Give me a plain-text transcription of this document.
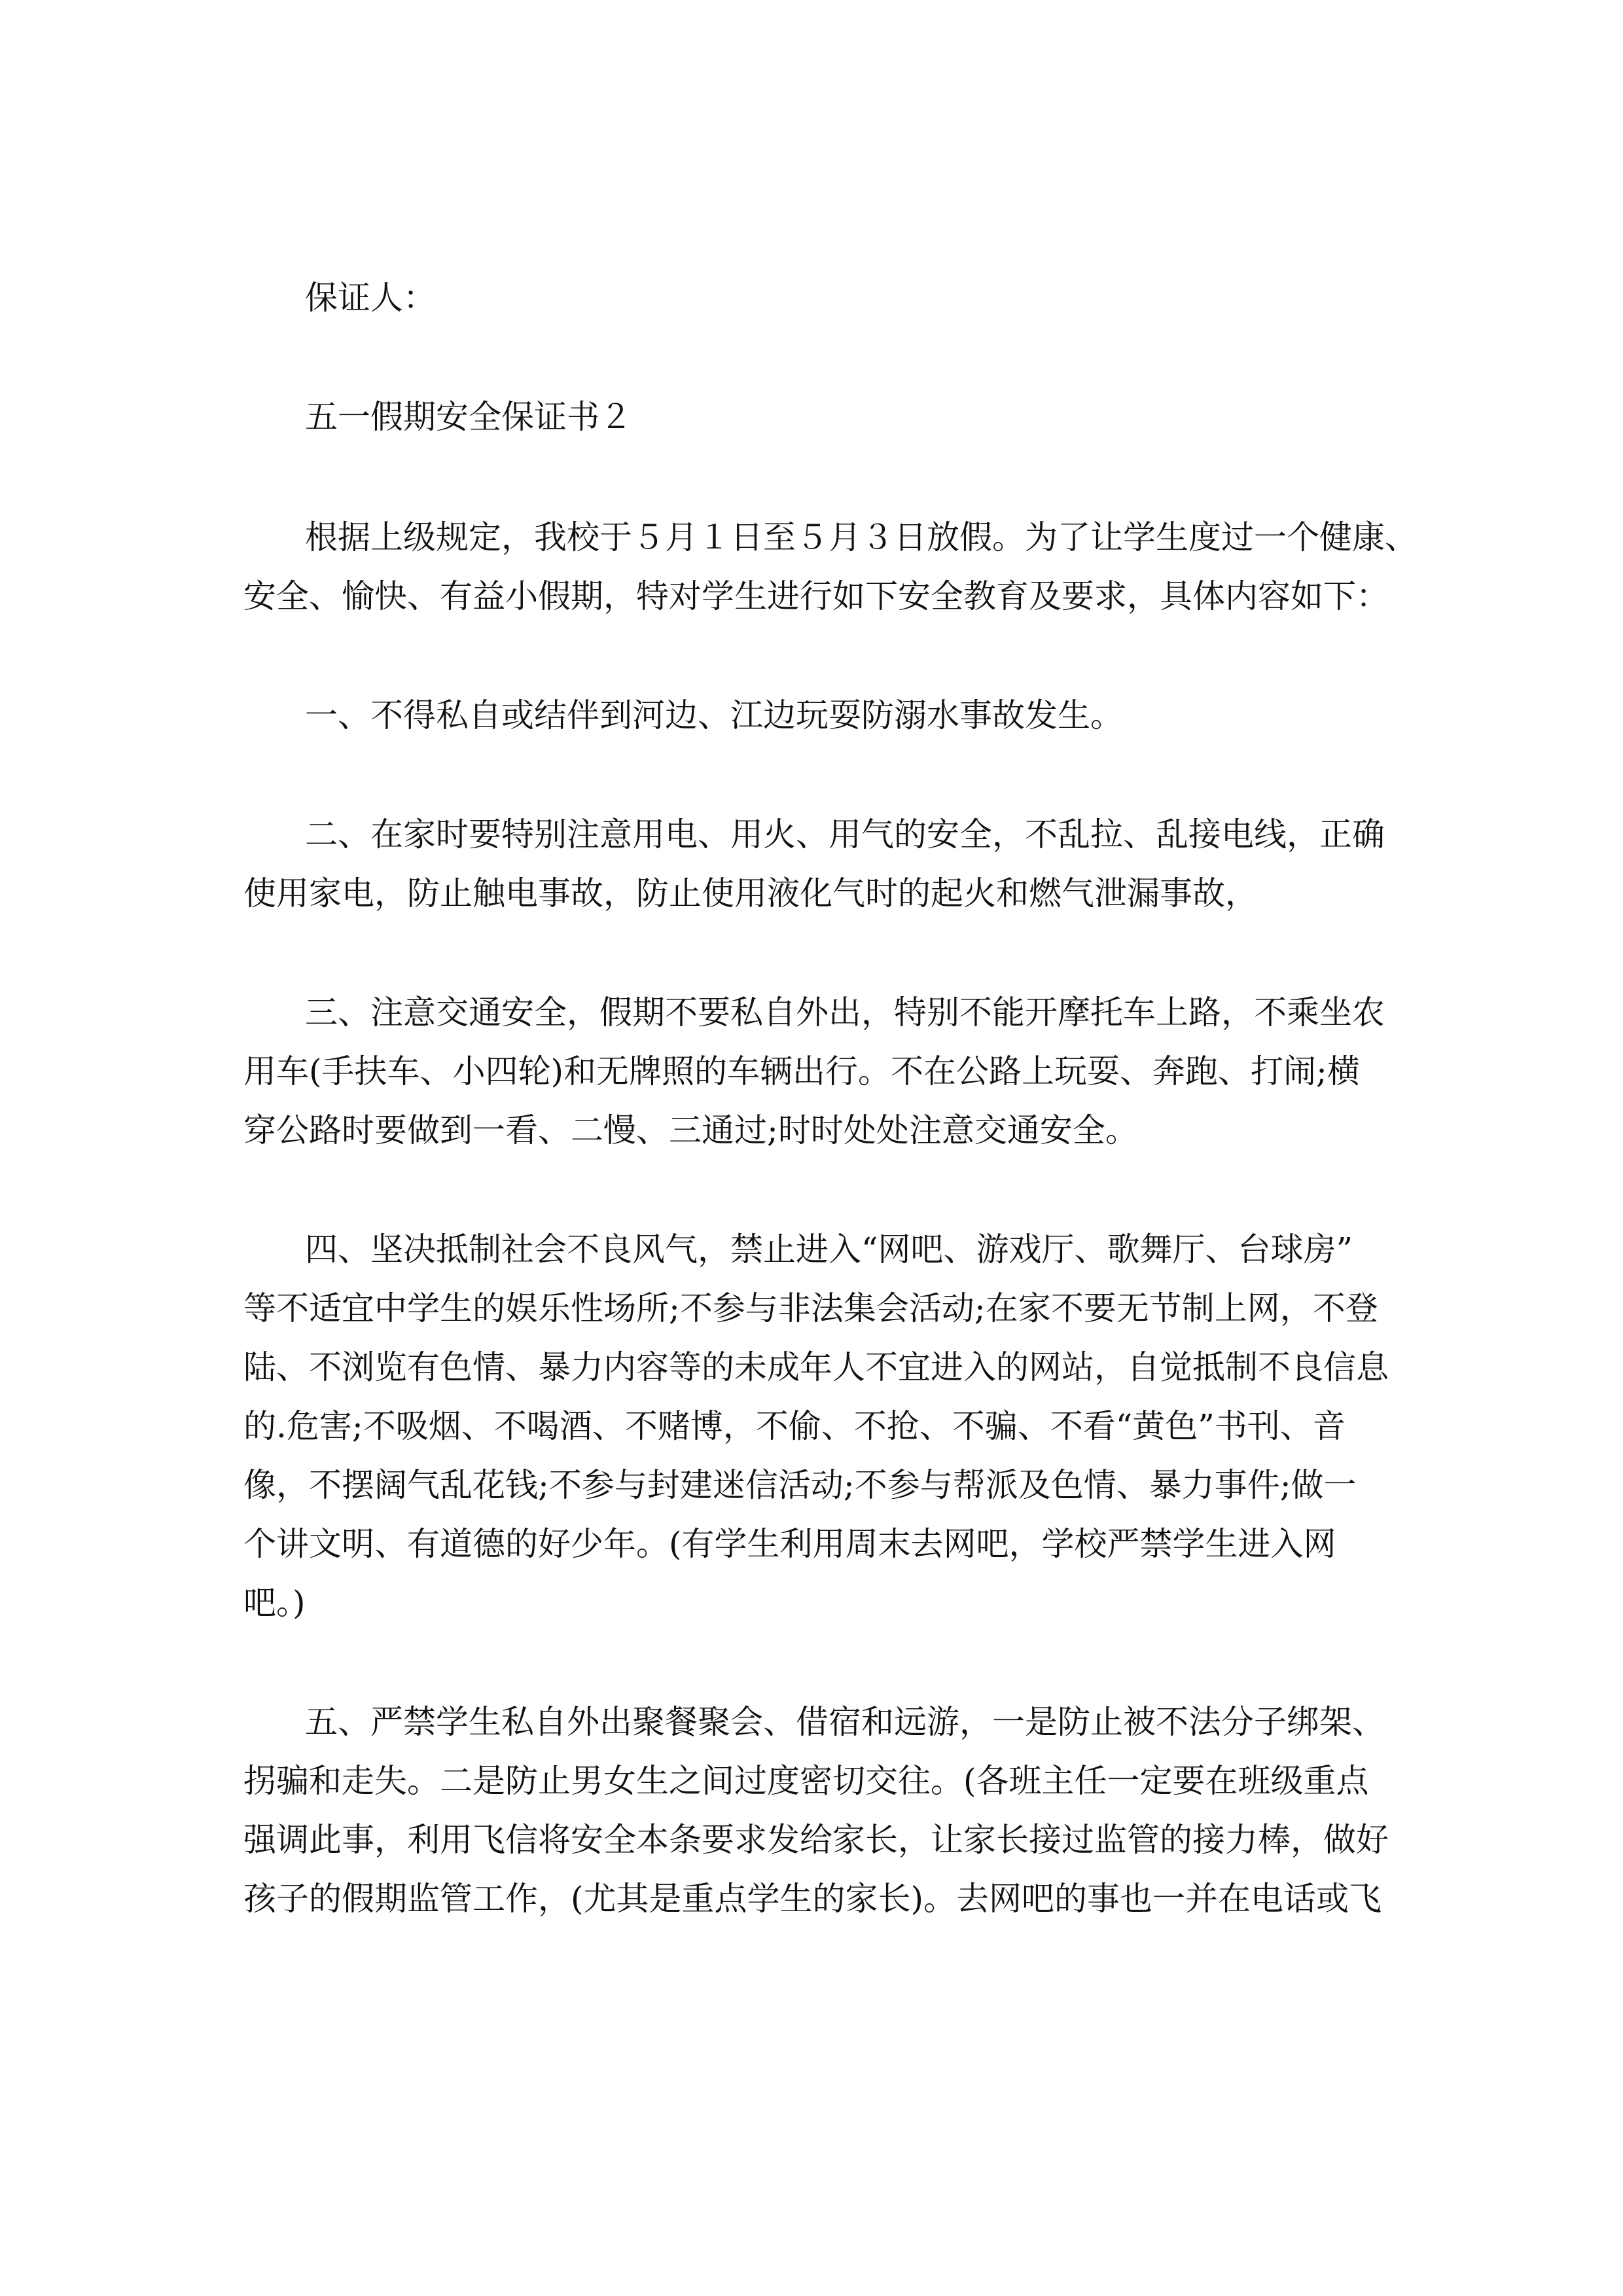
保证人：
五一假期安全保证书２
根据上级规定，我校于５月１日至５月３日放假。为了让学生度过一个健康、
安全、愉快、有益小假期，特对学生进行如下安全教育及要求，具体内容如下：
一、不得私自或结伴到河边、江边玩耍防溺水事故发生。
二、在家时要特别注意用电、用火、用气的安全，不乱拉、乱接电线，正确
使用家电，防止触电事故，防止使用液化气时的起火和燃气泄漏事故，
三、注意交通安全，假期不要私自外出，特别不能开摩托车上路，不乘坐农
用车(手扶车、小四轮)和无牌照的车辆出行。不在公路上玩耍、奔跑、打闹;横
穿公路时要做到一看、二慢、三通过;时时处处注意交通安全。
四、坚决抵制社会不良风气，禁止进入“网吧、游戏厅、歌舞厅、台球房”
等不适宜中学生的娱乐性场所;不参与非法集会活动;在家不要无节制上网，不登
陆、不浏览有色情、暴力内容等的未成年人不宜进入的网站，自觉抵制不良信息
的.危害;不吸烟、不喝酒、不赌博，不偷、不抢、不骗、不看“黄色”书刊、音
像，不摆阔气乱花钱;不参与封建迷信活动;不参与帮派及色情、暴力事件;做一
个讲文明、有道德的好少年。(有学生利用周末去网吧，学校严禁学生进入网
吧。)
五、严禁学生私自外出聚餐聚会、借宿和远游，一是防止被不法分子绑架、
拐骗和走失。二是防止男女生之间过度密切交往。(各班主任一定要在班级重点
强调此事，利用飞信将安全本条要求发给家长，让家长接过监管的接力棒，做好
孩子的假期监管工作，(尤其是重点学生的家长)。去网吧的事也一并在电话或飞
